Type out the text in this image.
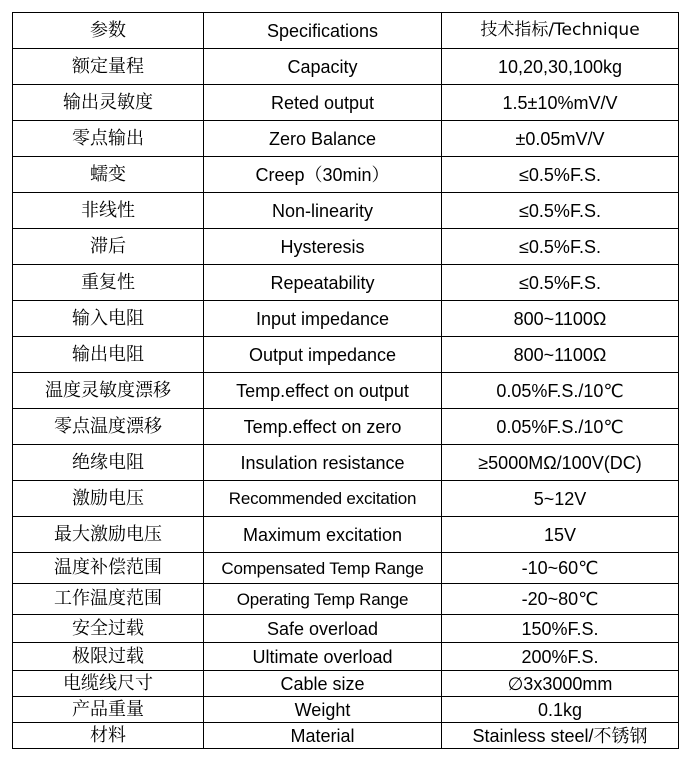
参数	Specifications	技术指标/Technique
额定量程	Capacity	10,20,30,100kg
输出灵敏度	Reted output	1.5±10%mV/V
零点输出	Zero Balance	±0.05mV/V
蠕变	Creep（30min）	≤0.5%F.S.
非线性	Non-linearity	≤0.5%F.S.
滞后	Hysteresis	≤0.5%F.S.
重复性	Repeatability	≤0.5%F.S.
输入电阻	Input impedance	800~1100Ω
输出电阻	Output impedance	800~1100Ω
温度灵敏度漂移	Temp.effect on output	0.05%F.S./10℃
零点温度漂移	Temp.effect on zero	0.05%F.S./10℃
绝缘电阻	Insulation resistance	≥5000MΩ/100V(DC)
激励电压	Recommended excitation	5~12V
最大激励电压	Maximum excitation	15V
温度补偿范围	Compensated Temp Range	-10~60℃
工作温度范围	Operating Temp Range	-20~80℃
安全过载	Safe overload	150%F.S.
极限过载	Ultimate overload	200%F.S.
电缆线尺寸	Cable size	∅3x3000mm
产品重量	Weight	0.1kg
材料	Material	Stainless steel/不锈钢
